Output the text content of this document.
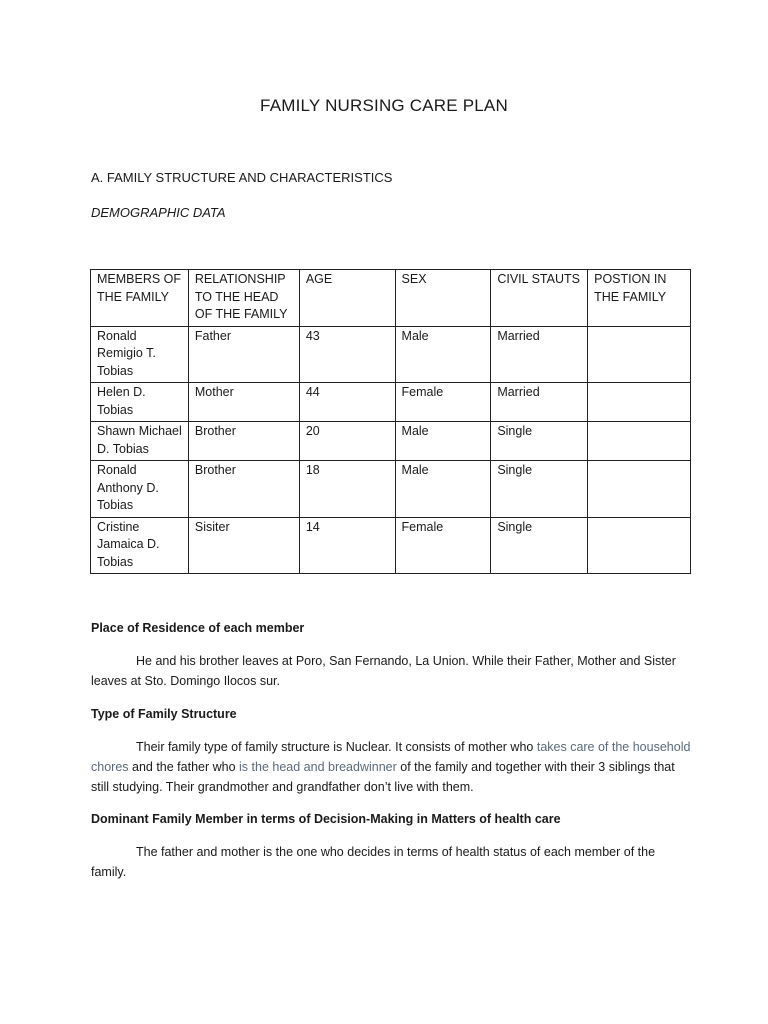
FAMILY NURSING CARE PLAN
A. FAMILY STRUCTURE AND CHARACTERISTICS
DEMOGRAPHIC DATA
MEMBERS OF THE FAMILY	RELATIONSHIP TO THE HEAD OF THE FAMILY	AGE	SEX	CIVIL STAUTS	POSTION IN THE FAMILY
Ronald Remigio T. Tobias	Father	43	Male	Married	
Helen D. Tobias	Mother	44	Female	Married	
Shawn Michael D. Tobias	Brother	20	Male	Single	
Ronald Anthony D. Tobias	Brother	18	Male	Single	
Cristine Jamaica D. Tobias	Sisiter	14	Female	Single	
Place of Residence of each member
He and his brother leaves at Poro, San Fernando, La Union. While their Father, Mother and Sister leaves at Sto. Domingo Ilocos sur.
Type of Family Structure
Their family type of family structure is Nuclear. It consists of mother who takes care of the household chores and the father who is the head and breadwinner of the family and together with their 3 siblings that still studying. Their grandmother and grandfather don’t live with them.
Dominant Family Member in terms of Decision-Making in Matters of health care
The father and mother is the one who decides in terms of health status of each member of the family.
